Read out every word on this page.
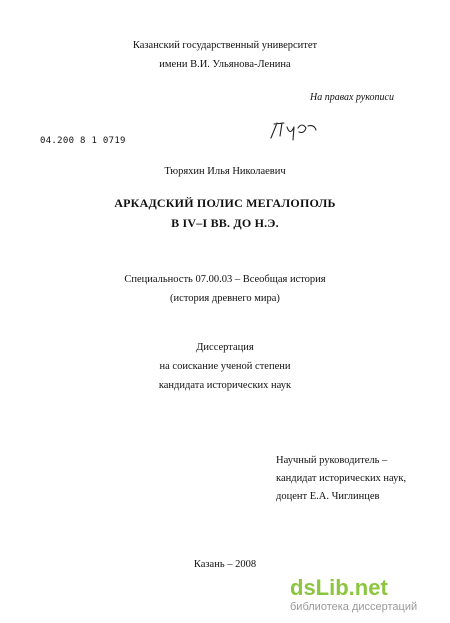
Казанский государственный университет
имени В.И. Ульянова-Ленина
На правах рукописи
04.200 8 1 0719
Тюряхин Илья Николаевич
АРКАДСКИЙ ПОЛИС МЕГАЛОПОЛЬ
В IV–I ВВ. ДО Н.Э.
Специальность 07.00.03 – Всеобщая история
(история древнего мира)
Диссертация
на соискание ученой степени
кандидата исторических наук
Научный руководитель –
кандидат исторических наук,
доцент Е.А. Чиглинцев
Казань – 2008
dsLib.net
библиотека диссертаций
